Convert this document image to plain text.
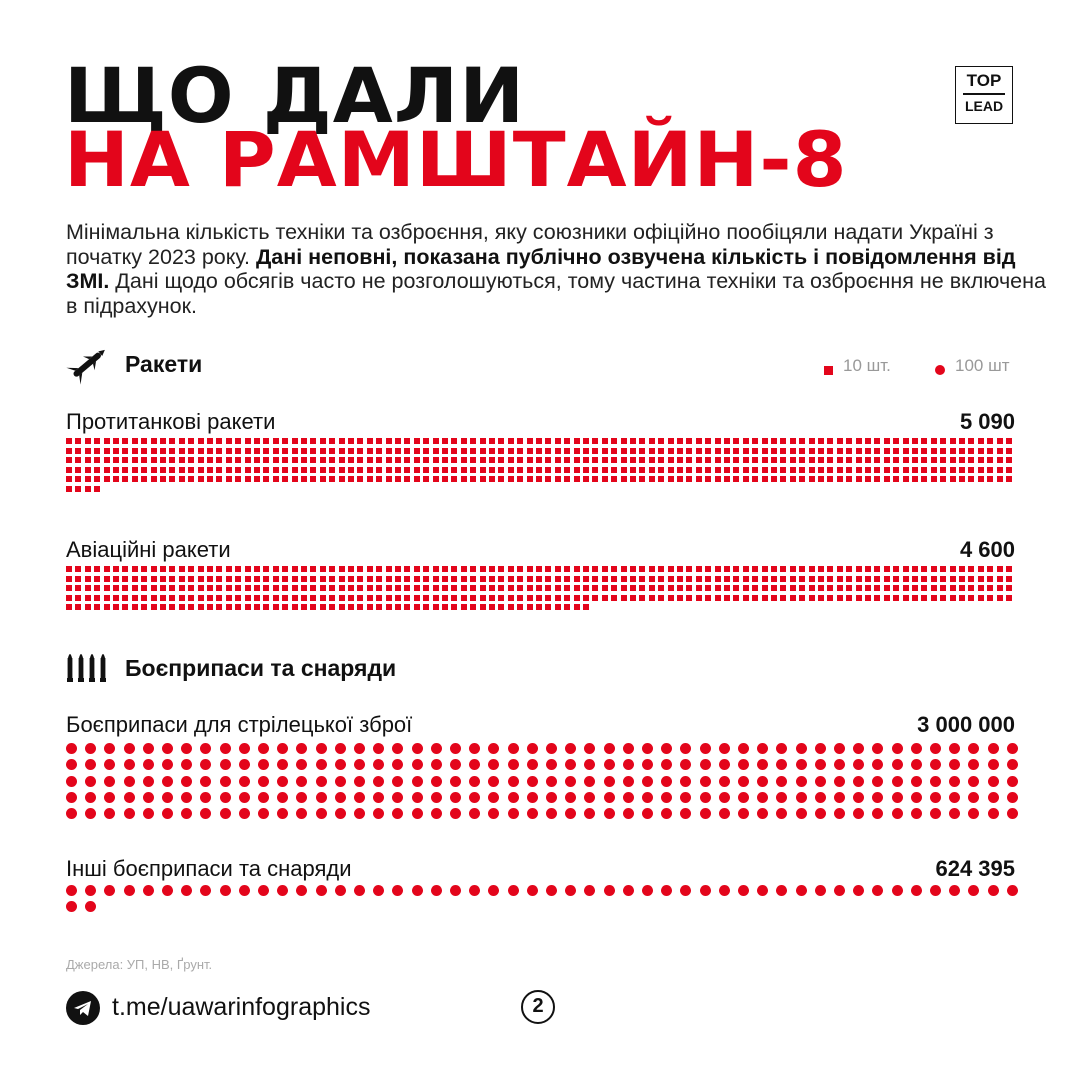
ЩО ДАЛИ
НА РАМШТАЙН-8
TOP
LEAD
Мінімальна кількість техніки та озброєння, яку союзники офіційно пообіцяли надати Україні з початку 2023 року. Дані неповні, показана публічно озвучена кількість і повідомлення від ЗМІ. Дані щодо обсягів часто не розголошуються, тому частина техніки та озброєння не включена в підрахунок.
Ракети	10 шт.	100 шт
Протитанкові ракети	5 090
Авіаційні ракети	4 600
Боєприпаси та снаряди
Боєприпаси для стрілецької зброї	3 000 000
Інші боєприпаси та снаряди	624 395
Джерела: УП, НВ, Ґрунт.
t.me/uawarinfographics	2
